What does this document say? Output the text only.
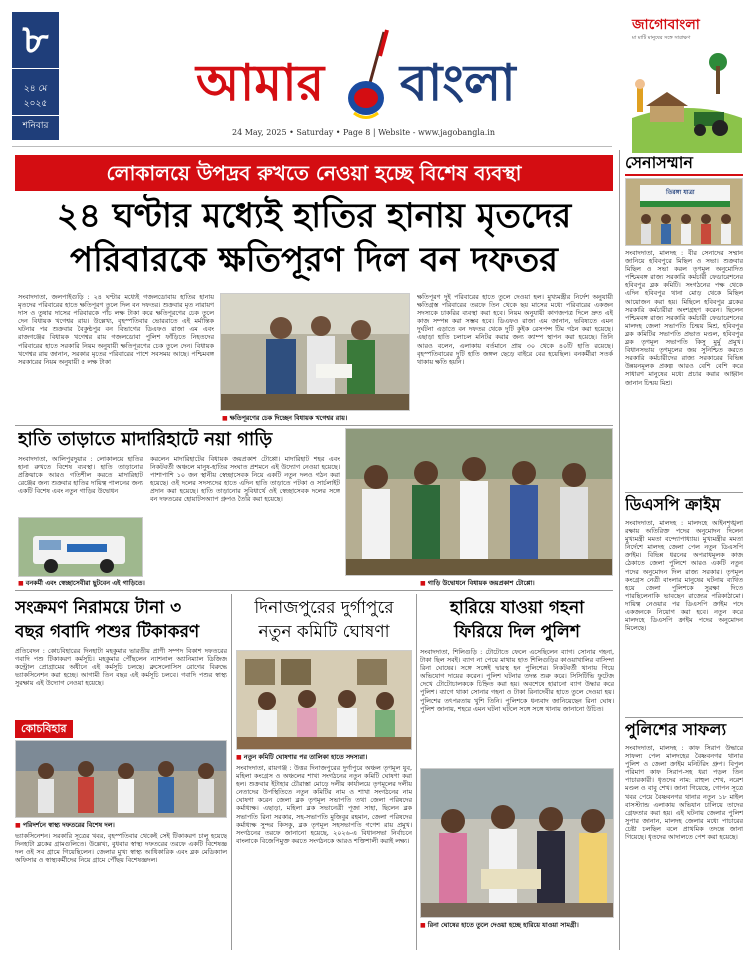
৮
২৪ মে
২০২৫
শনিবার
আমার বাংলা
24 May, 2025 • Saturday • Page 8 | Website - www.jagobangla.in
জাগোবাংলা
মা মাটি মানুষের সঙ্গে সারাক্ষণ
লোকালয়ে উপদ্রব রুখতে নেওয়া হচ্ছে বিশেষ ব্যবস্থা
২৪ ঘণ্টার মধ্যেই হাতির হানায় মৃতদের
পরিবারকে ক্ষতিপূরণ দিল বন দফতর
সংবাদদাতা, জলপাইগুড়ি : ২৪ ঘণ্টার মধ্যেই গজলডোবায় হাতির হানায় মৃতদের পরিবারের হাতে ক্ষতিপূরণ তুলে দিল বন দফতর। শুক্রবার মৃত নারায়ণ দাস ও তুষার দাসের পরিবারকে পাঁচ লক্ষ টাকা করে ক্ষতিপূরণের চেক তুলে দেন বিধায়ক খগেশ্বর রায়। উল্লেখ্য, বৃহস্পতিবার ভোররাতে এই মর্মান্তিক ঘটনার পর শুক্রবার বৈকুণ্ঠপুর বন বিভাগের ডিএফও রাজা এম এবং রাজগঞ্জের বিধায়ক খগেশ্বর রায় গজলডোবা পুলিশ ফাঁড়িতে নিহতদের পরিবারের হাতে সরকারি নিয়ম অনুযায়ী ক্ষতিপূরণের চেক তুলে দেন। বিধায়ক খগেশ্বর রায় জানান, সরকার মৃতের পরিবারের পাশে সবসময় আছে। পশ্চিমবঙ্গ সরকারের নিয়ম অনুযায়ী ৫ লক্ষ টাকা
■ ক্ষতিপূরণের চেক দিচ্ছেন বিধায়ক খগেশ্বর রায়।
ক্ষতিপূরণ দুই পরিবারের হাতে তুলে দেওয়া হল। মুখ্যমন্ত্রীর নির্দেশ অনুযায়ী ক্ষতিগ্রস্ত পরিবারের তরফে তিন থেকে ছয় মাসের মধ্যে পরিবারের একজন সদস্যকে চাকরির ব্যবস্থা করা হবে। নিয়ম অনুযায়ী কাগজপত্র দিলে দ্রুত এই কাজ সম্পন্ন করা সম্ভব হবে। ডিএফও রাজা এম জানান, ভবিষ্যতে এমন দুর্ঘটনা এড়াতে বন দফতর থেকে দুটি কুইক রেসপন্স টিম গঠন করা হয়েছে। এছাড়া হাতি চলাচল মনিটর করার জন্য ক্যাম্প স্থাপন করা হয়েছে। তিনি আরও বলেন, এলাকায় বর্তমানে প্রায় ৩০ থেকে ৪০টি হাতি রয়েছে। বৃহস্পতিবারের দুটি হাতি জঙ্গল ছেড়ে বাইরে বের হয়েছিল। বনকর্মীরা সতর্ক থাকায় ক্ষতি হয়নি।
হাতি তাড়াতে মাদারিহাটে নয়া গাড়ি
সংবাদদাতা, আলিপুরদুয়ার : লোকালয়ে হাতির হানা রুখতে বিশেষ ব্যবস্থা। হাতি তাড়ানোর প্রক্রিয়াকে আরও গতিশীল করতে মাদারিহাট রেঞ্জের জন্য শুক্রবার হাতির দায়িত্ব পালনের জন্য একটি বিশেষ এবং নতুন গাড়ির উদ্বোধন
করলেন মাদারিহাটের বিধায়ক জয়প্রকাশ টোপ্পো। মাদারিহাট শহর এবং নিকটবর্তী অঞ্চলে মানুষ-হাতির সংঘাত প্রশমনে এই উদ্যোগ নেওয়া হয়েছে। পাশাপাশি ১০ জন স্থানীয় স্বেচ্ছাসেবক নিয়ে একটি নতুন দলও গঠন করা হয়েছে। ওই দলের সদস্যদের হাতে এদিন হাতি তাড়াতে পটকা ও সার্চলাইট প্রদান করা হয়েছে। হাতি তাড়ানোর সুবিধার্থে ওই স্বেচ্ছাসেবক দলের সঙ্গে বন দফতরের হোয়াটসঅ্যাপ গ্রুপও তৈরি করা হয়েছে।
■ বনকর্মী এবং স্বেচ্ছাসেবীরা ছুটবেন এই গাড়িতে।
■	গাড়ি উদ্বোধনে বিধায়ক জয়প্রকাশ টোপ্পো।
সেনাসম্মান
তিরঙ্গা যাত্রা
সংবাদদাতা, মালদহ : বীর সেনাদের সম্মান জানিয়ে হবিবপুরে মিছিল ও সভা। শুক্রবার মিছিল ও সভা করল তৃণমূল অনুমোদিত পশ্চিমবঙ্গ রাজ্য সরকারি কর্মচারী ফেডারেশনের হবিবপুর ব্লক কমিটি। সংগঠনের পক্ষ থেকে এদিন হবিবপুর থানা মোড় থেকে মিছিল আয়োজন করা হয়। মিছিলে হবিবপুর ব্লকের সরকারি কর্মচারীরা অংশগ্রহণ করেন। ছিলেন পশ্চিমবঙ্গ রাজ্য সরকারি কর্মচারী ফেডারেশনের মালদহ জেলা সভাপতি চিন্ময় মিশ্র, হবিবপুর ব্লক কমিটির সভাপতি প্রভাত মণ্ডল, হবিবপুর ব্লক তৃণমূল সভাপতি কিসু মুর্মু প্রমুখ। বিধানসভায় তৃণমূলের জয় সুনিশ্চিত করতে সরকারি কর্মচারীদের রাজ্য সরকারের বিভিন্ন উন্নয়নমূলক প্রকল্প আরও বেশি বেশি করে সাধারণ মানুষের মধ্যে প্রচার করার আহ্বান জানান চিন্ময় মিশ্র।
ডিএসপি ক্রাইম
সংবাদদাতা, মালদহ : মালদহে আইনশৃঙ্খলা রক্ষায় অতিরিক্ত পদের অনুমোদন দিলেন মুখ্যমন্ত্রী মমতা বন্দ্যোপাধ্যায়। মুখ্যমন্ত্রীর মমতা নির্দেশে মালদহ জেলা পেল নতুন ডিএসপি ক্রাইম। বিভিন্ন ধরনের অপরাধমূলক কাজ ঠেকাতে জেলা পুলিশে আরও একটি নতুন পদের অনুমোদন দিল রাজ্য সরকার। তৃণমূল কংগ্রেস নেত্রী বাংলার মানুষের ঘটনায় ব্যথিত হয়ে জেলা পুলিশকে সুরক্ষা দিতে পারছিলেনাকি ভাবছেন রাজ্যের পরিকাঠামো। দায়িত্ব নেওয়ার পর ডিএসপি ক্রাইম পদে একজনকে নিয়োগ করা হবে। নতুন করে মালদহে ডিএসপি ক্রাইম পদের অনুমোদন মিলেছে।
পুলিশের সাফল্য
সংবাদদাতা, মালদহ : কাফ সিরাপ উদ্ধারে সাফল্য পেল মালদহের বৈষ্ণবনগর থানার পুলিশ ও জেলা ক্রাইম মনিটরিং গ্রুপ। বিপুল পরিমাণ কাফ সিরাপ-সহ ধরা পড়ল তিন পাচারকারী। ধৃতদের নাম: রাহুল শেখ, নরেশ মণ্ডল ও বাবু শেখ। জানা গিয়েছে, গোপন সূত্রে খবর পেয়ে বৈষ্ণবনগর থানার নতুন ১৮ মাইল বাসস্ট্যান্ড এলাকায় অভিযান চালিয়ে তাদের গ্রেফতার করা হয়। এই ঘটনায় জেলার পুলিশ সুপার জানান, মালদহ জেলার মধ্যে পাচারের চেষ্টা চলছিল বলে প্রাথমিক তদন্তে জানা গিয়েছে। ধৃতদের আদালতে পেশ করা হয়েছে।
সংক্রমণ নিরাময়ে টানা ৩
বছর গবাদি পশুর টিকাকরণ
প্রতিবেদন : কোচবিহারের দিনহাটা মহকুমার ভারতীয় প্রাণী সম্পদ বিকাশ দফতরের গবাদি পশু টিকাকরণ কর্মসূচি। মহকুমার পৌঁছলেন ন্যাশনাল অ্যানিম্যাল ডিজিজ কন্ট্রোল প্রোগ্রামের অধীনে এই কর্মসূচি চলছে। ব্রুসেলোসিস রোগের বিরুদ্ধে ভ্যাকসিনেশন করা হচ্ছে। আগামী তিন বছর এই কর্মসূচি চলবে। গবাদি পশুর স্বাস্থ্য সুরক্ষায় এই উদ্যোগ নেওয়া হয়েছে।
কোচবিহার
■ পরিদর্শনে স্বাস্থ্য দফতরের বিশেষ দল।
ভ্যাকসিনেশন। সরকারি সূত্রের খবর, বৃহস্পতিবার থেকেই সেই টিকাকরণ চালু হয়েছে দিনহাটা ব্লকের গ্রামগুলিতে। উল্লেখ্য, বুধবার স্বাস্থ্য দফতরের তরফে একটি বিশেষজ্ঞ দল ওই সব গ্রামে গিয়েছিলেন। জেলার মুখ্য স্বাস্থ্য আধিকারিক এবং ব্লক মেডিক্যাল অফিসার ও স্বাস্থ্যকর্মীদের নিয়ে গ্রামে পৌঁছয় বিশেষজ্ঞদল।
দিনাজপুরের দুর্গাপুরে
নতুন কমিটি ঘোষণা
■ নতুন কমিটি ঘোষণার পর তালিকা হাতে সদস্যরা।
সংবাদদাতা, রায়গঞ্জ : উত্তর দিনাজপুরের দুর্গাপুরে অঞ্চল তৃণমূল যুব, মহিলা কংগ্রেস ও অঞ্চলের শাখা সংগঠনের নতুন কমিটি ঘোষণা করা হল। শুক্রবার ইটাহার চৌরাস্তা মোড়ে দলীয় কার্যালয়ে তৃণমূলের দলীয় নেতাদের উপস্থিতিতে নতুন কমিটির নাম ও শাখা সংগঠনের নাম ঘোষণা করেন জেলা ব্লক তৃণমূল সভাপতি তথা জেলা পরিষদের কর্মাধ্যক্ষ। এছাড়া, মহিলা ব্লক সভানেত্রী পূজা সাহা, ছিলেন ব্লক সভাপতি রিনা সরকার, সহ-সভাপতি মুজিবুর রহমান, জেলা পরিষদের কর্মাধ্যক্ষ সুন্দর কিসকু, ব্লক তৃণমূল সহসভাপতি গণেশ রায় প্রমুখ। সংগঠনের তরফে জানানো হয়েছে, ২০২৬-এ বিধানসভা নির্বাচনে বাংলাকে বিজেপিমুক্ত করতে সংগঠনকে আরও শক্তিশালী করাই লক্ষ্য।
হারিয়ে যাওয়া গহনা
ফিরিয়ে দিল পুলিশ
সংবাদদাতা, শিলিগুড়ি : টোটোতে ফেলে এসেছিলেন ব্যাগ। সোনার গহনা, টাকা ছিল সবই। ব্যাগ না পেয়ে মাথায় হাত শিলিগুড়ির কাওয়াখালির বাসিন্দা রিনা ঘোষের। সঙ্গে সঙ্গেই দ্বারস্থ হন পুলিশের। নিকটবর্তী থানায় গিয়ে অভিযোগ দায়ের করেন। পুলিশ ঘটনার তদন্ত শুরু করে। সিসিটিভি ফুটেজ দেখে টোটোচালককে চিহ্নিত করা হয়। অবশেষে হারানো ব্যাগ উদ্ধার করে পুলিশ। ব্যাগে থাকা সোনার গহনা ও টাকা রিনাদেবীর হাতে তুলে দেওয়া হয়। পুলিশের তৎপরতায় খুশি তিনি। পুলিশকে ধন্যবাদ জানিয়েছেন রিনা ঘোষ। পুলিশ জানায়, শহরে এমন ঘটনা ঘটলে সঙ্গে সঙ্গে থানায় জানানো উচিত।
■ রিনা ঘোষের হাতে তুলে দেওয়া হচ্ছে হারিয়ে যাওয়া সামগ্রী।
